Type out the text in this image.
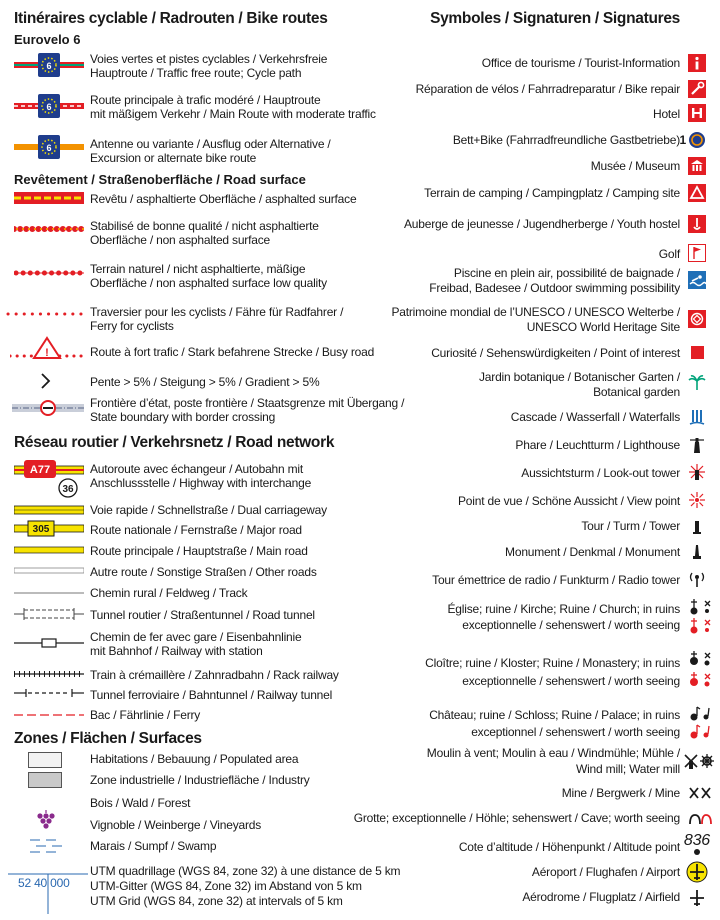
Itinéraires cyclable / Radrouten / Bike routes
Eurovelo 6
6	Voies vertes et pistes cyclables / Verkehrsfreie
Hauptroute / Traffic free route; Cycle path
6	Route principale à trafic modéré / Hauptroute
mit mäßigem Verkehr / Main Route with moderate traffic
6	Antenne ou variante / Ausflug oder Alternative /
Excursion or alternate bike route
Revêtement / Straßenoberfläche / Road surface
Revêtu / asphaltierte Oberfläche / asphalted surface
Stabilisé de bonne qualité / nicht asphaltierte
Oberfläche / non asphalted surface
Terrain naturel / nicht asphaltierte, mäßige
Oberfläche / non asphalted surface low quality
Traversier pour les cyclists / Fähre für Radfahrer /
Ferry for cyclists
!	Route à fort trafic / Stark befahrene Strecke / Busy road
Pente > 5% / Steigung > 5% / Gradient > 5%
Frontière d’état, poste frontière / Staatsgrenze mit Übergang /
State boundary with border crossing
Réseau routier / Verkehrsnetz / Road network
A77
36
Autoroute avec échangeur / Autobahn mit
Anschlussstelle / Highway with interchange
Voie rapide / Schnellstraße / Dual carriageway
305	Route nationale / Fernstraße / Major road
Route principale / Hauptstraße / Main road
Autre route / Sonstige Straßen / Other roads
Chemin rural / Feldweg / Track
Tunnel routier / Straßentunnel / Road tunnel
Chemin de fer avec gare / Eisenbahnlinie
mit Bahnhof / Railway with station
Train à crémaillère / Zahnradbahn / Rack railway
Tunnel ferroviaire / Bahntunnel / Railway tunnel
Bac / Fährlinie / Ferry
Zones / Flächen / Surfaces
Habitations / Bebauung / Populated area
Zone industrielle / Industriefläche / Industry
Bois / Wald / Forest
Vignoble / Weinberge / Vineyards
Marais / Sumpf / Swamp
52 40 000
UTM quadrillage (WGS 84, zone 32) à une distance de 5 km
UTM-Gitter (WGS 84, Zone 32) im Abstand von 5 km
UTM Grid (WGS 84, zone 32) at intervals of 5 km
Symboles / Signaturen / Signatures
Office de tourisme / Tourist-Information
Réparation de vélos / Fahrradreparatur / Bike repair
Hotel
Bett+Bike (Fahrradfreundliche Gastbetriebe) 1
Musée / Museum
Terrain de camping / Campingplatz / Camping site
Auberge de jeunesse / Jugendherberge / Youth hostel
Golf
Piscine en plein air, possibilité de baignade /
Freibad, Badesee / Outdoor swimming possibility
Patrimoine mondial de l’UNESCO / UNESCO Welterbe /
UNESCO World Heritage Site
Curiosité / Sehenswürdigkeiten / Point of interest
Jardin botanique / Botanischer Garten /
Botanical garden
Cascade / Wasserfall / Waterfalls
Phare / Leuchtturm / Lighthouse
Aussichtsturm / Look-out tower
Point de vue / Schöne Aussicht / View point
Tour / Turm / Tower
Monument / Denkmal / Monument
Tour émettrice de radio / Funkturm / Radio tower
Église; ruine / Kirche; Ruine / Church; in ruins
exceptionnelle / sehenswert / worth seeing
Cloître; ruine / Kloster; Ruine / Monastery; in ruins
exceptionnelle / sehenswert / worth seeing
Château; ruine / Schloss; Ruine / Palace; in ruins
exceptionnel / sehenswert / worth seeing
Moulin à vent; Moulin à eau / Windmühle; Mühle /
Wind mill; Water mill
Mine / Bergwerk / Mine
Grotte; exceptionnelle / Höhle; sehenswert / Cave; worth seeing
Cote d’altitude / Höhenpunkt / Altitude point 836
Aéroport / Flughafen / Airport
Aérodrome / Flugplatz / Airfield
